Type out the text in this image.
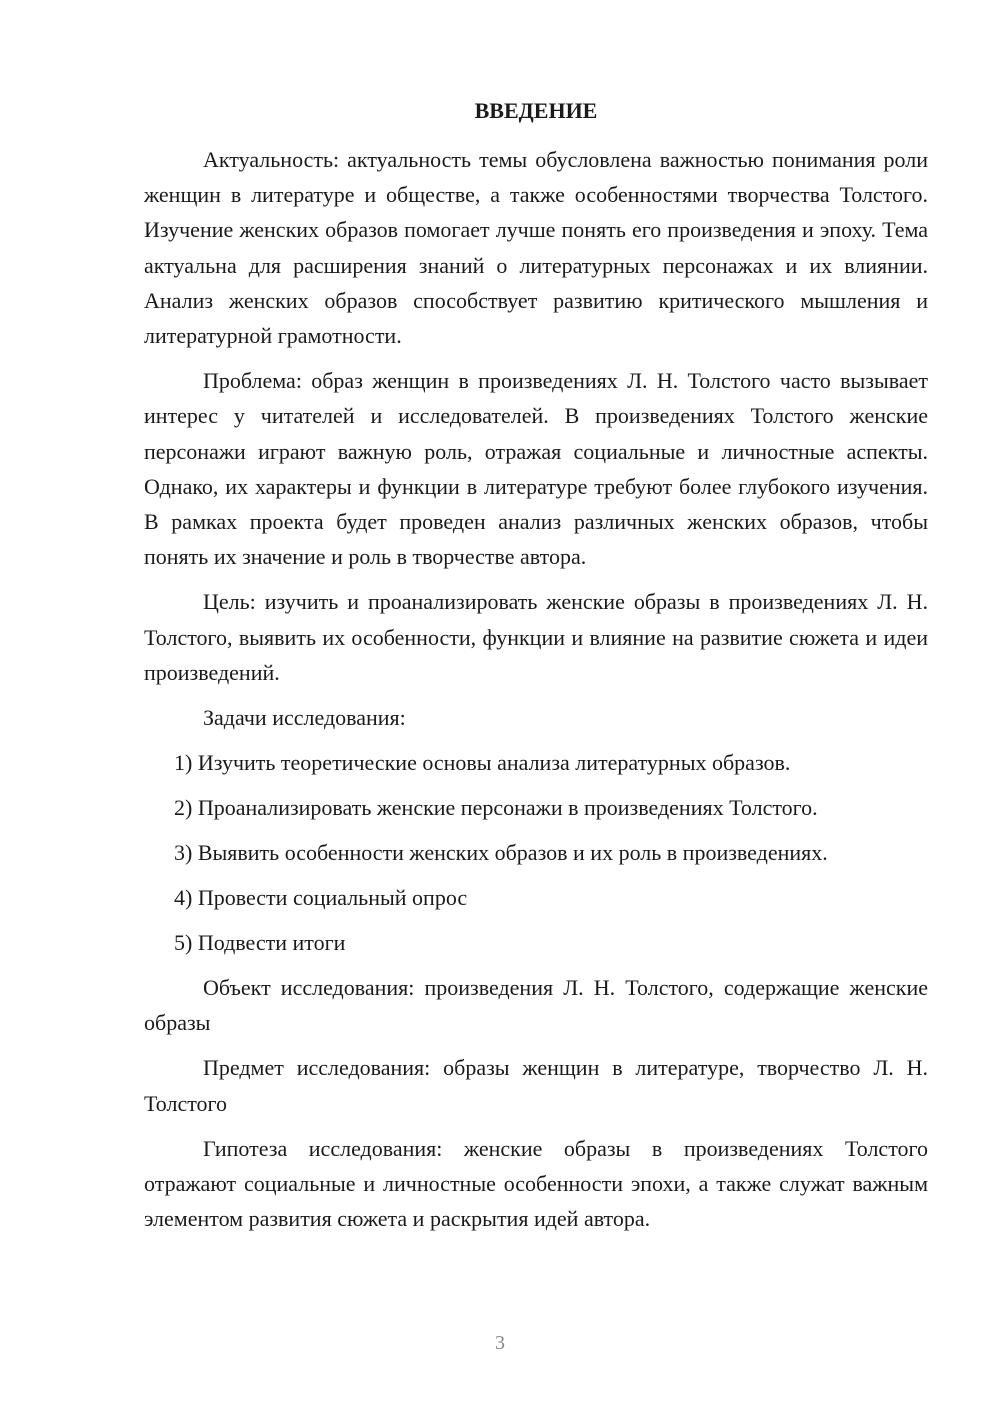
ВВЕДЕНИЕ

Актуальность: актуальность темы обусловлена важностью понимания роли женщин в литературе и обществе, а также особенностями творчества Толстого. Изучение женских образов помогает лучше понять его произведения и эпоху. Тема актуальна для расширения знаний о литературных персонажах и их влиянии. Анализ женских образов способствует развитию критического мышления и литературной грамотности.

Проблема: образ женщин в произведениях Л. Н. Толстого часто вызывает интерес у читателей и исследователей. В произведениях Толстого женские персонажи играют важную роль, отражая социальные и личностные аспекты. Однако, их характеры и функции в литературе требуют более глубокого изучения. В рамках проекта будет проведен анализ различных женских образов, чтобы понять их значение и роль в творчестве автора.

Цель: изучить и проанализировать женские образы в произведениях Л. Н. Толстого, выявить их особенности, функции и влияние на развитие сюжета и идеи произведений.

Задачи исследования:

1) Изучить теоретические основы анализа литературных образов.

2) Проанализировать женские персонажи в произведениях Толстого.

3) Выявить особенности женских образов и их роль в произведениях.

4) Провести социальный опрос

5) Подвести итоги

Объект исследования: произведения Л. Н. Толстого, содержащие женские образы

Предмет исследования: образы женщин в литературе, творчество Л. Н. Толстого

Гипотеза исследования: женские образы в произведениях Толстого отражают социальные и личностные особенности эпохи, а также служат важным элементом развития сюжета и раскрытия идей автора.

3
